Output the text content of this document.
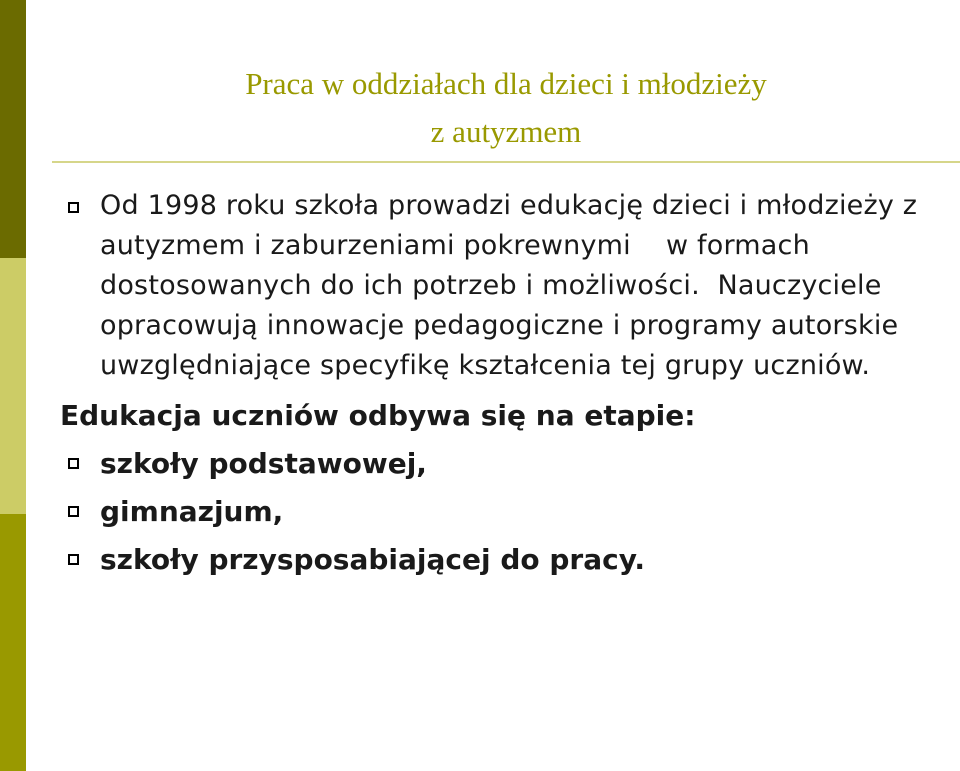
Praca w oddziałach dla dzieci i młodzieży
z autyzmem
Od 1998 roku szkoła prowadzi edukację dzieci i młodzieży z autyzmem i zaburzeniami pokrewnymi    w formach dostosowanych do ich potrzeb i możliwości.  Nauczyciele opracowują innowacje pedagogiczne i programy autorskie uwzględniające specyfikę kształcenia tej grupy uczniów.
Edukacja uczniów odbywa się na etapie:
szkoły podstawowej,
gimnazjum,
szkoły przysposabiającej do pracy.
